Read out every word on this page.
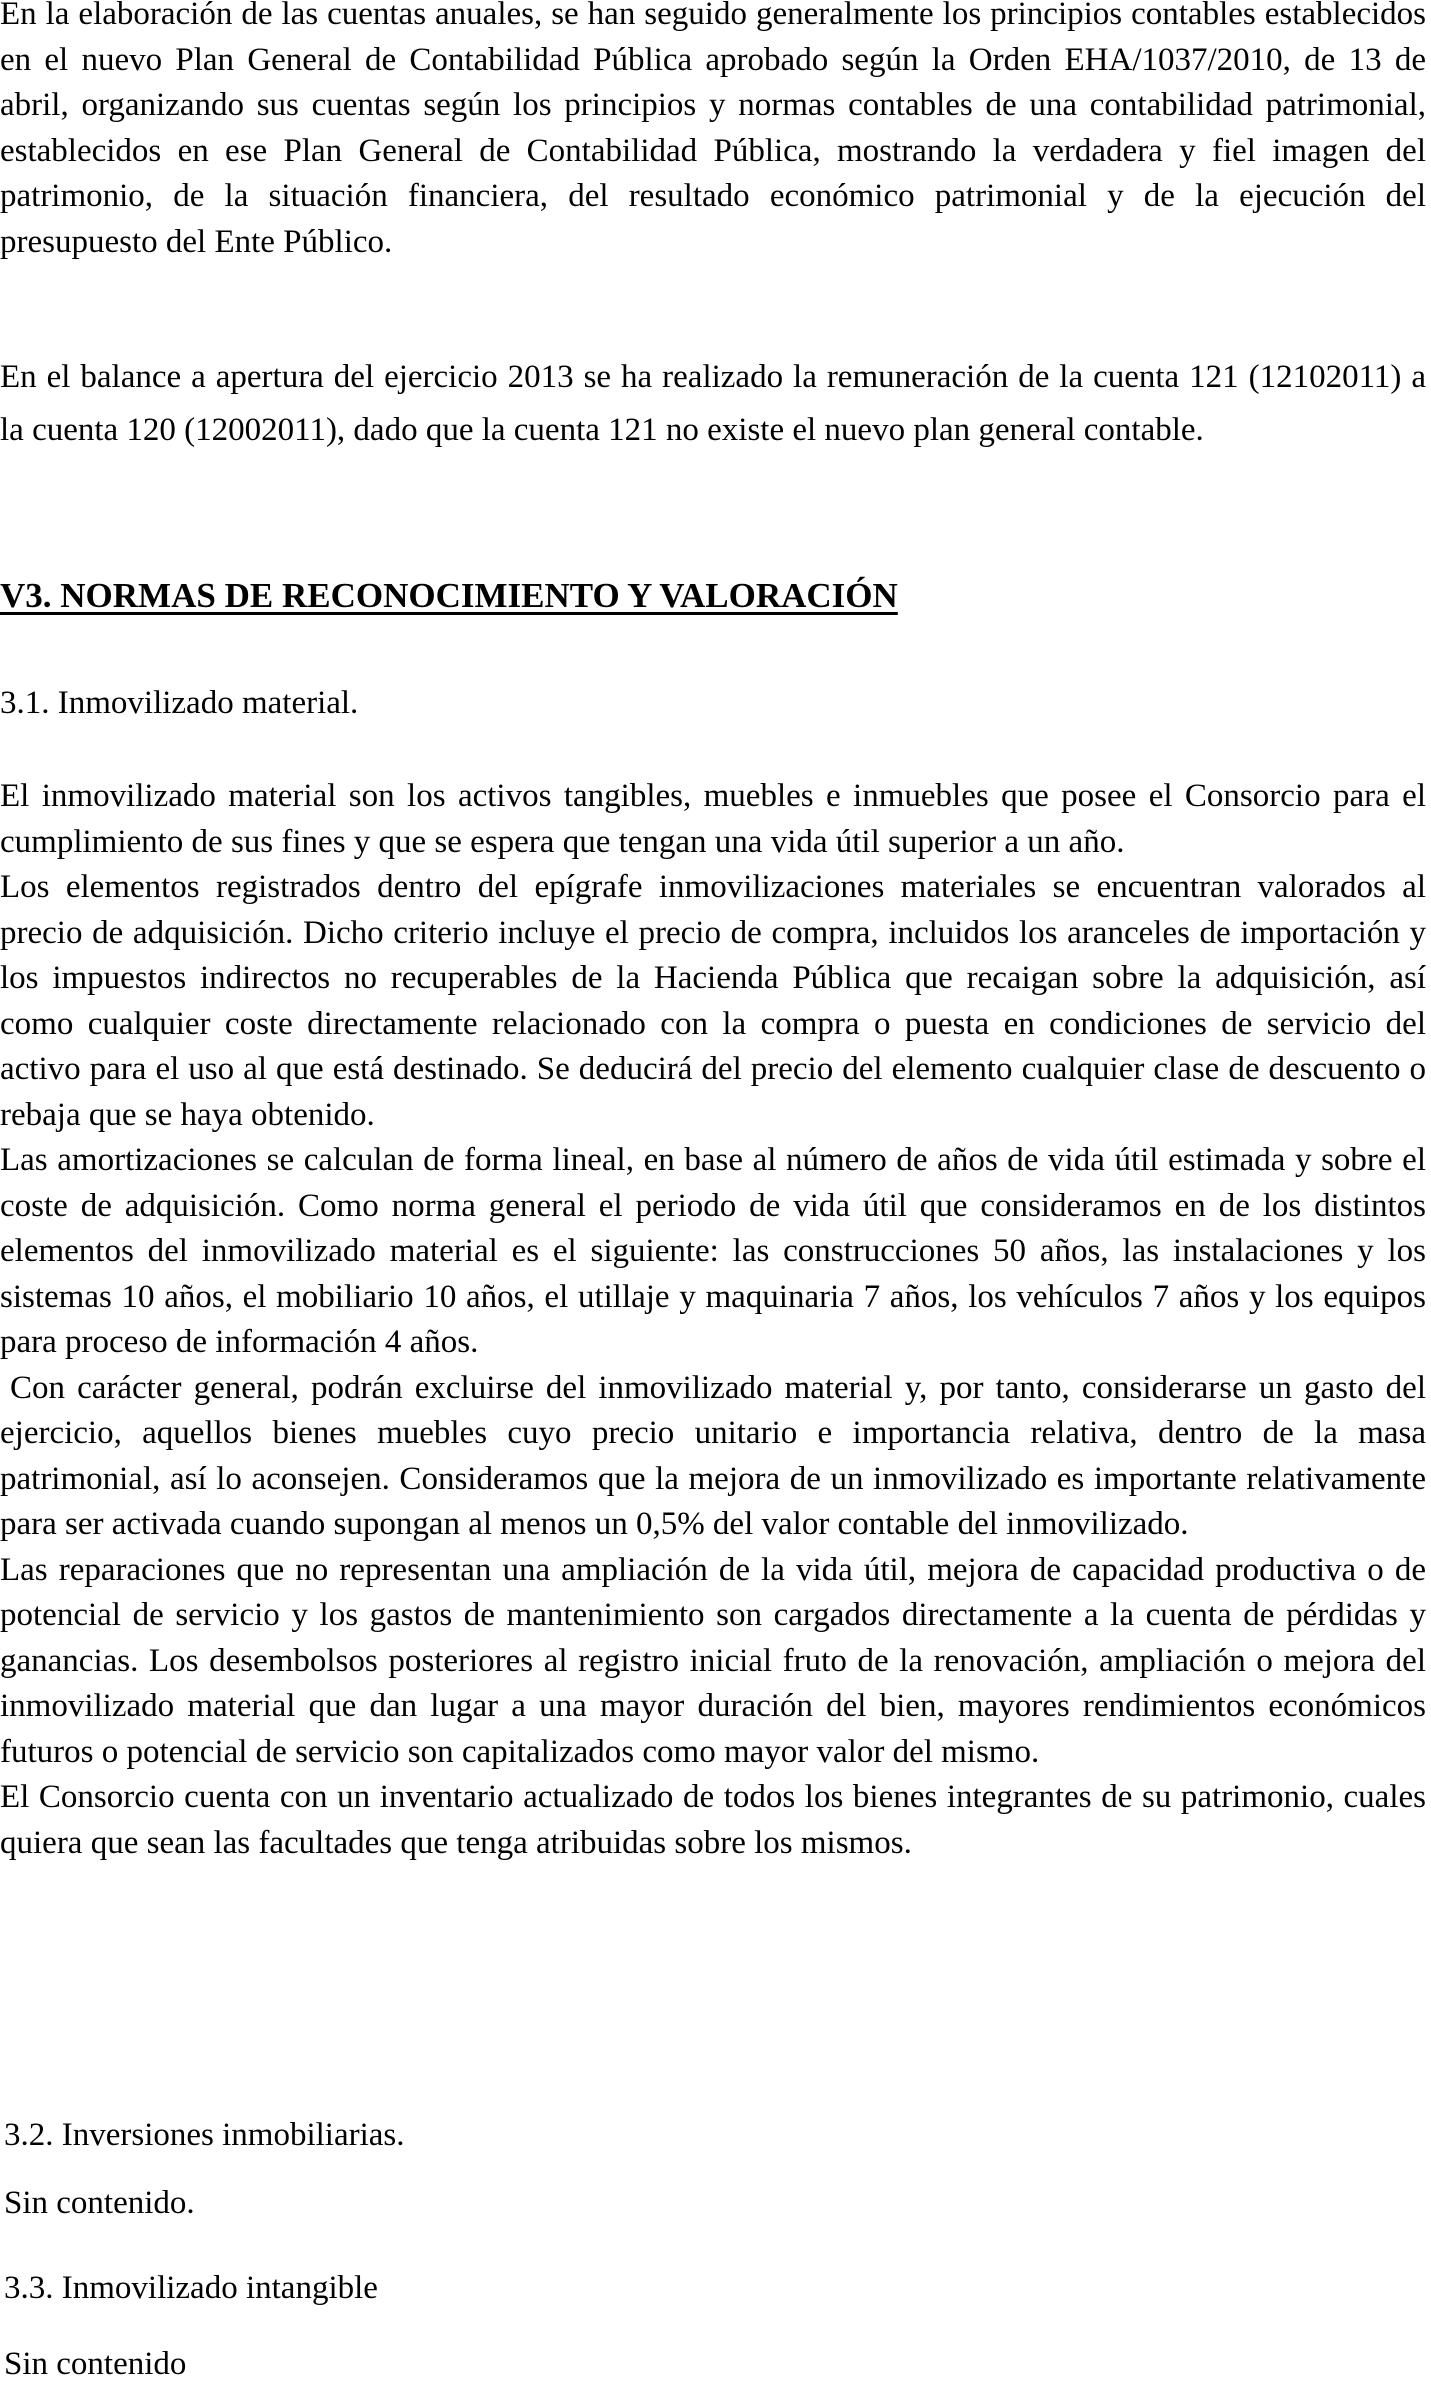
En la elaboración de las cuentas anuales, se han seguido generalmente los principios contables establecidos en el nuevo Plan General de Contabilidad Pública aprobado según la Orden EHA/1037/2010, de 13 de abril, organizando sus cuentas según los principios y normas contables de una contabilidad patrimonial, establecidos en ese Plan General de Contabilidad Pública, mostrando la verdadera y fiel imagen del patrimonio, de la situación financiera, del resultado económico patrimonial y de la ejecución del presupuesto del Ente Público.

En el balance a apertura del ejercicio 2013 se ha realizado la remuneración de la cuenta 121 (12102011) a la cuenta 120 (12002011), dado que la cuenta 121 no existe el nuevo plan general contable.

V3. NORMAS DE RECONOCIMIENTO Y VALORACIÓN
3.1. Inmovilizado material.

El inmovilizado material son los activos tangibles, muebles e inmuebles que posee el Consorcio para el cumplimiento de sus fines y que se espera que tengan una vida útil superior a un año.

Los elementos registrados dentro del epígrafe inmovilizaciones materiales se encuentran valorados al precio de adquisición. Dicho criterio incluye el precio de compra, incluidos los aranceles de importación y los impuestos indirectos no recuperables de la Hacienda Pública que recaigan sobre la adquisición, así como cualquier coste directamente relacionado con la compra o puesta en condiciones de servicio del activo para el uso al que está destinado. Se deducirá del precio del elemento cualquier clase de descuento o rebaja que se haya obtenido.

Las amortizaciones se calculan de forma lineal, en base al número de años de vida útil estimada y sobre el coste de adquisición. Como norma general el periodo de vida útil que consideramos en de los distintos elementos del inmovilizado material es el siguiente: las construcciones 50 años, las instalaciones y los sistemas 10 años, el mobiliario 10 años, el utillaje y maquinaria 7 años, los vehículos 7 años y los equipos para proceso de información 4 años.

Con carácter general, podrán excluirse del inmovilizado material y, por tanto, considerarse un gasto del ejercicio, aquellos bienes muebles cuyo precio unitario e importancia relativa, dentro de la masa patrimonial, así lo aconsejen. Consideramos que la mejora de un inmovilizado es importante relativamente para ser activada cuando supongan al menos un 0,5% del valor contable del inmovilizado.

Las reparaciones que no representan una ampliación de la vida útil, mejora de capacidad productiva o de potencial de servicio y los gastos de mantenimiento son cargados directamente a la cuenta de pérdidas y ganancias. Los desembolsos posteriores al registro inicial fruto de la renovación, ampliación o mejora del inmovilizado material que dan lugar a una mayor duración del bien, mayores rendimientos económicos futuros o potencial de servicio son capitalizados como mayor valor del mismo.

El Consorcio cuenta con un inventario actualizado de todos los bienes integrantes de su patrimonio, cuales quiera que sean las facultades que tenga atribuidas sobre los mismos.

3.2. Inversiones inmobiliarias.
Sin contenido.
3.3. Inmovilizado intangible
Sin contenido
